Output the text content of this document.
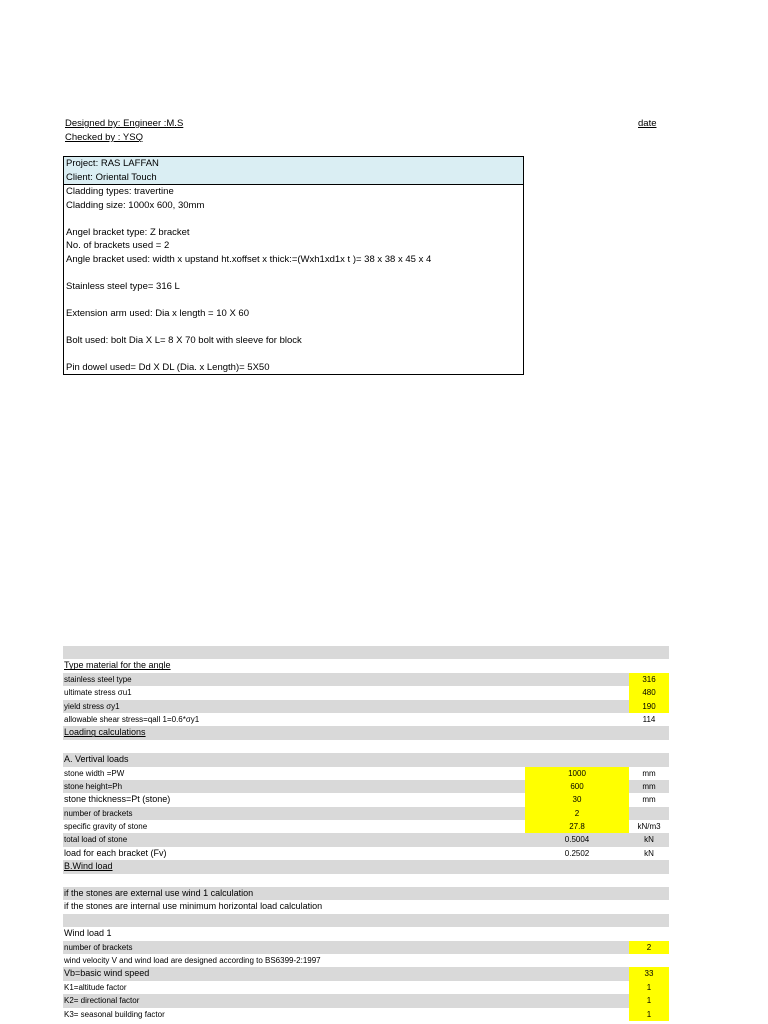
Designed by: Engineer :M.S
Checked by : YSQ
date
Project: RAS LAFFAN
Client: Oriental Touch
Cladding types: travertine
Cladding size: 1000x 600, 30mm
Angel bracket type: Z bracket
No. of brackets used = 2
Angle bracket used: width x upstand ht.xoffset x thick:=(Wxh1xd1x t )= 38 x 38 x 45 x 4
Stainless steel type= 316 L
Extension arm used: Dia x length = 10 X 60
Bolt used: bolt Dia X L= 8 X 70 bolt with sleeve for block
Pin dowel used= Dd X DL (Dia. x Length)= 5X50
Type material for the angle
stainless steel type	316
ultimate stress σu1	480
yield stress σy1	190
allowable shear stress=qall 1=0.6*σy1	114
Loading calculations
A. Vertival loads
stone width =PW	1000	mm
stone height=Ph	600	mm
stone thickness=Pt (stone)	30	mm
number of brackets	2
specific gravity of stone	27.8	kN/m3
total load of stone	0.5004	kN
load for each bracket (Fv)	0.2502	kN
B.Wind load
if the stones are external use wind 1 calculation
if the stones are internal use minimum horizontal load calculation
Wind load 1
number of brackets	2
wind velocity V and wind load are designed according to BS6399-2:1997
Vb=basic wind speed	33
K1=altitude factor	1
K2= directional factor	1
K3= seasonal building factor	1
